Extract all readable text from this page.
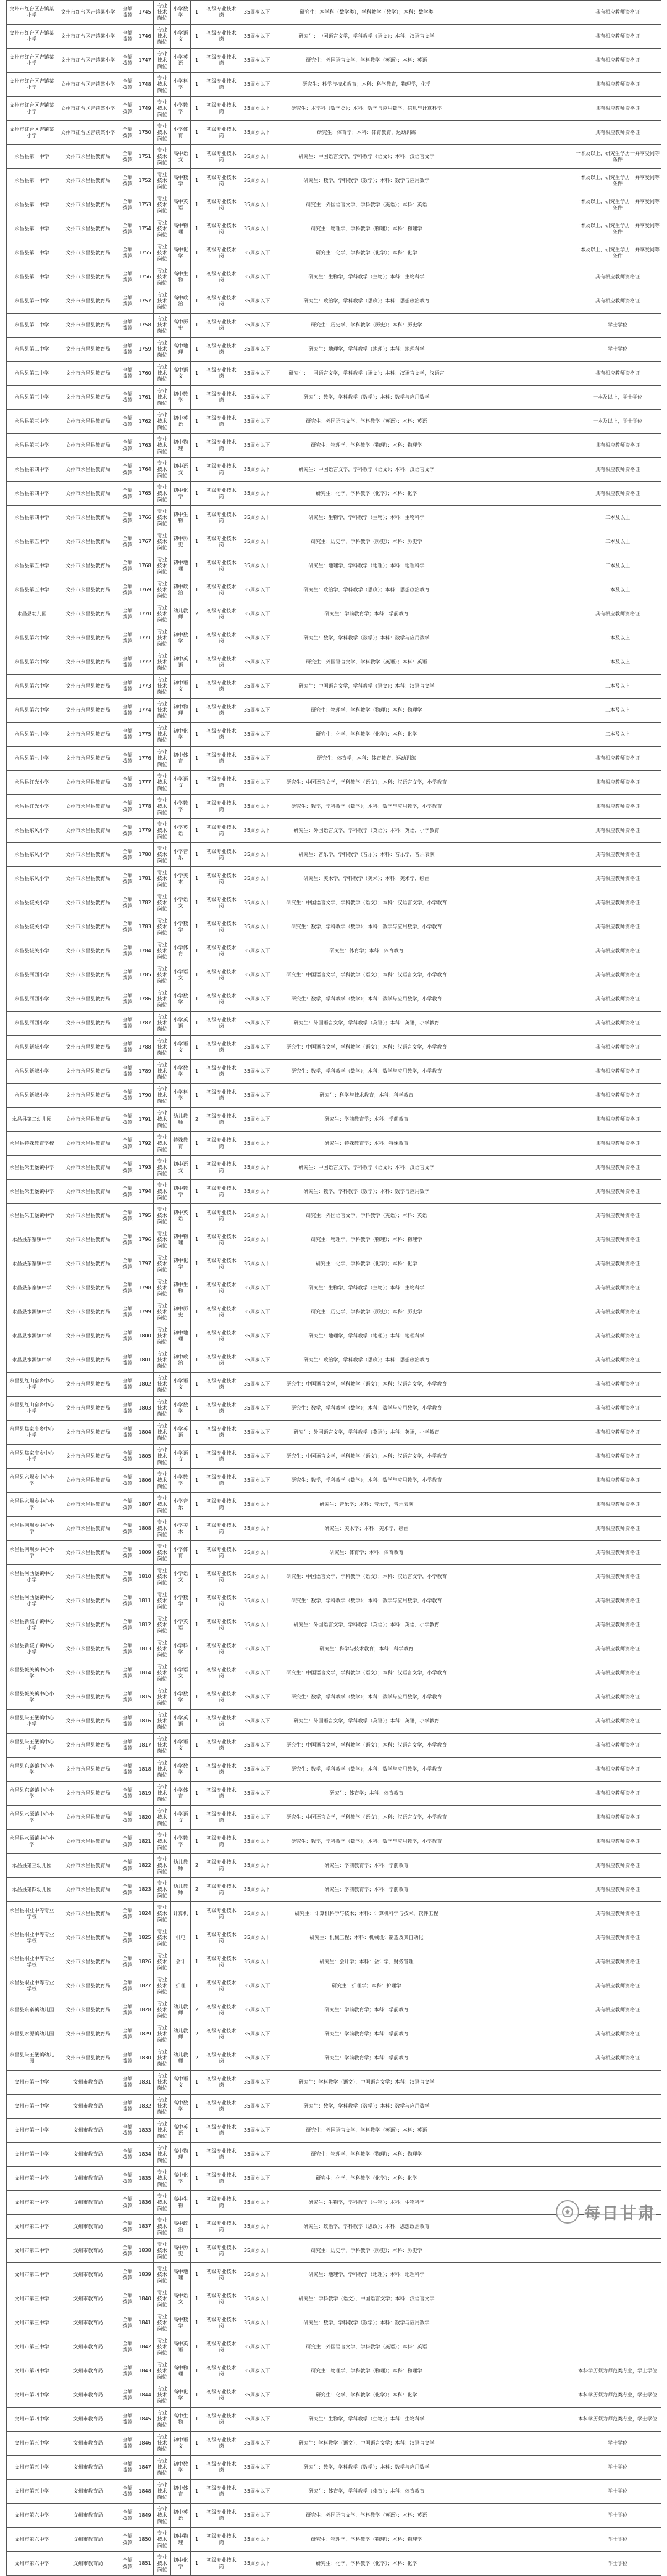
文州市红台区吉镇某小学	文州市红台区吉镇某小学	全额拨款	1745	专业技术岗位	小学数学	1	初级专业技术岗	35周岁以下	研究生：本学科（数学类），学科教学（数学）；本科：数学类		具有相应教师资格证
文州市红台区吉镇某小学	文州市红台区吉镇某小学	全额拨款	1746	专业技术岗位	小学语文	1	初级专业技术岗	35周岁以下	研究生：中国语言文学，学科教学（语文）；本科：汉语言文学		具有相应教师资格证
文州市红台区吉镇某小学	文州市红台区吉镇某小学	全额拨款	1747	专业技术岗位	小学英语	1	初级专业技术岗	35周岁以下	研究生：外国语言文学，学科教学（英语）；本科：英语		具有相应教师资格证
文州市红台区吉镇某小学	文州市红台区吉镇某小学	全额拨款	1748	专业技术岗位	小学科学	1	初级专业技术岗	35周岁以下	研究生：科学与技术教育；本科：科学教育，物理学，化学		具有相应教师资格证
文州市红台区吉镇某小学	文州市红台区吉镇某小学	全额拨款	1749	专业技术岗位	小学数学	1	初级专业技术岗	35周岁以下	研究生：本学科（数学类）；本科：数学与应用数学，信息与计算科学		具有相应教师资格证
文州市红台区吉镇某小学	文州市红台区吉镇某小学	全额拨款	1750	专业技术岗位	小学体育	1	初级专业技术岗	35周岁以下	研究生：体育学；本科：体育教育，运动训练		具有相应教师资格证
永昌县第一中学	文州市永昌县教育局	全额拨款	1751	专业技术岗位	高中语文	1	初级专业技术岗	35周岁以下	研究生：中国语言文学，学科教学（语文）；本科：汉语言文学		一本及以上，研究生学历一并享受同等条件
永昌县第一中学	文州市永昌县教育局	全额拨款	1752	专业技术岗位	高中数学	1	初级专业技术岗	35周岁以下	研究生：数学，学科教学（数学）；本科：数学与应用数学		一本及以上，研究生学历一并享受同等条件
永昌县第一中学	文州市永昌县教育局	全额拨款	1753	专业技术岗位	高中英语	1	初级专业技术岗	35周岁以下	研究生：外国语言文学，学科教学（英语）；本科：英语		一本及以上，研究生学历一并享受同等条件
永昌县第一中学	文州市永昌县教育局	全额拨款	1754	专业技术岗位	高中物理	1	初级专业技术岗	35周岁以下	研究生：物理学，学科教学（物理）；本科：物理学		一本及以上，研究生学历一并享受同等条件
永昌县第一中学	文州市永昌县教育局	全额拨款	1755	专业技术岗位	高中化学	1	初级专业技术岗	35周岁以下	研究生：化学，学科教学（化学）；本科：化学		一本及以上，研究生学历一并享受同等条件
永昌县第一中学	文州市永昌县教育局	全额拨款	1756	专业技术岗位	高中生物	1	初级专业技术岗	35周岁以下	研究生：生物学，学科教学（生物）；本科：生物科学		具有相应教师资格证
永昌县第一中学	文州市永昌县教育局	全额拨款	1757	专业技术岗位	高中政治	1	初级专业技术岗	35周岁以下	研究生：政治学，学科教学（思政）；本科：思想政治教育		具有相应教师资格证
永昌县第二中学	文州市永昌县教育局	全额拨款	1758	专业技术岗位	高中历史	1	初级专业技术岗	35周岁以下	研究生：历史学，学科教学（历史）；本科：历史学		学士学位
永昌县第二中学	文州市永昌县教育局	全额拨款	1759	专业技术岗位	高中地理	1	初级专业技术岗	35周岁以下	研究生：地理学，学科教学（地理）；本科：地理科学		学士学位
永昌县第二中学	文州市永昌县教育局	全额拨款	1760	专业技术岗位	高中语文	1	初级专业技术岗	35周岁以下	研究生：中国语言文学，学科教学（语文）；本科：汉语言文学，汉语言		具有相应教师资格证
永昌县第三中学	文州市永昌县教育局	全额拨款	1761	专业技术岗位	初中数学	1	初级专业技术岗	35周岁以下	研究生：数学，学科教学（数学）；本科：数学与应用数学		一本及以上，学士学位
永昌县第三中学	文州市永昌县教育局	全额拨款	1762	专业技术岗位	初中英语	1	初级专业技术岗	35周岁以下	研究生：外国语言文学，学科教学（英语）；本科：英语		一本及以上，学士学位
永昌县第三中学	文州市永昌县教育局	全额拨款	1763	专业技术岗位	初中物理	1	初级专业技术岗	35周岁以下	研究生：物理学，学科教学（物理）；本科：物理学		具有相应教师资格证
永昌县第四中学	文州市永昌县教育局	全额拨款	1764	专业技术岗位	初中语文	1	初级专业技术岗	35周岁以下	研究生：中国语言文学，学科教学（语文）；本科：汉语言文学		具有相应教师资格证
永昌县第四中学	文州市永昌县教育局	全额拨款	1765	专业技术岗位	初中化学	1	初级专业技术岗	35周岁以下	研究生：化学，学科教学（化学）；本科：化学		具有相应教师资格证
永昌县第四中学	文州市永昌县教育局	全额拨款	1766	专业技术岗位	初中生物	1	初级专业技术岗	35周岁以下	研究生：生物学，学科教学（生物）；本科：生物科学		二本及以上
永昌县第五中学	文州市永昌县教育局	全额拨款	1767	专业技术岗位	初中历史	1	初级专业技术岗	35周岁以下	研究生：历史学，学科教学（历史）；本科：历史学		二本及以上
永昌县第五中学	文州市永昌县教育局	全额拨款	1768	专业技术岗位	初中地理	1	初级专业技术岗	35周岁以下	研究生：地理学，学科教学（地理）；本科：地理科学		二本及以上
永昌县第五中学	文州市永昌县教育局	全额拨款	1769	专业技术岗位	初中政治	1	初级专业技术岗	35周岁以下	研究生：政治学，学科教学（思政）；本科：思想政治教育		二本及以上
永昌县幼儿园	文州市永昌县教育局	全额拨款	1770	专业技术岗位	幼儿教师	2	初级专业技术岗	35周岁以下	研究生：学前教育学；本科：学前教育		具有相应教师资格证
永昌县第六中学	文州市永昌县教育局	全额拨款	1771	专业技术岗位	初中数学	1	初级专业技术岗	35周岁以下	研究生：数学，学科教学（数学）；本科：数学与应用数学		二本及以上
永昌县第六中学	文州市永昌县教育局	全额拨款	1772	专业技术岗位	初中英语	1	初级专业技术岗	35周岁以下	研究生：外国语言文学，学科教学（英语）；本科：英语		二本及以上
永昌县第六中学	文州市永昌县教育局	全额拨款	1773	专业技术岗位	初中语文	1	初级专业技术岗	35周岁以下	研究生：中国语言文学，学科教学（语文）；本科：汉语言文学		二本及以上
永昌县第六中学	文州市永昌县教育局	全额拨款	1774	专业技术岗位	初中物理	1	初级专业技术岗	35周岁以下	研究生：物理学，学科教学（物理）；本科：物理学		二本及以上
永昌县第七中学	文州市永昌县教育局	全额拨款	1775	专业技术岗位	初中化学	1	初级专业技术岗	35周岁以下	研究生：化学，学科教学（化学）；本科：化学		二本及以上
永昌县第七中学	文州市永昌县教育局	全额拨款	1776	专业技术岗位	初中体育	1	初级专业技术岗	35周岁以下	研究生：体育学；本科：体育教育，运动训练		具有相应教师资格证
永昌县红光小学	文州市永昌县教育局	全额拨款	1777	专业技术岗位	小学语文	1	初级专业技术岗	35周岁以下	研究生：中国语言文学，学科教学（语文）；本科：汉语言文学，小学教育		具有相应教师资格证
永昌县红光小学	文州市永昌县教育局	全额拨款	1778	专业技术岗位	小学数学	1	初级专业技术岗	35周岁以下	研究生：数学，学科教学（数学）；本科：数学与应用数学，小学教育		具有相应教师资格证
永昌县东风小学	文州市永昌县教育局	全额拨款	1779	专业技术岗位	小学英语	1	初级专业技术岗	35周岁以下	研究生：外国语言文学，学科教学（英语）；本科：英语，小学教育		具有相应教师资格证
永昌县东风小学	文州市永昌县教育局	全额拨款	1780	专业技术岗位	小学音乐	1	初级专业技术岗	35周岁以下	研究生：音乐学，学科教学（音乐）；本科：音乐学，音乐表演		具有相应教师资格证
永昌县东风小学	文州市永昌县教育局	全额拨款	1781	专业技术岗位	小学美术	1	初级专业技术岗	35周岁以下	研究生：美术学，学科教学（美术）；本科：美术学，绘画		具有相应教师资格证
永昌县城关小学	文州市永昌县教育局	全额拨款	1782	专业技术岗位	小学语文	1	初级专业技术岗	35周岁以下	研究生：中国语言文学，学科教学（语文）；本科：汉语言文学，小学教育		具有相应教师资格证
永昌县城关小学	文州市永昌县教育局	全额拨款	1783	专业技术岗位	小学数学	1	初级专业技术岗	35周岁以下	研究生：数学，学科教学（数学）；本科：数学与应用数学，小学教育		具有相应教师资格证
永昌县城关小学	文州市永昌县教育局	全额拨款	1784	专业技术岗位	小学体育	1	初级专业技术岗	35周岁以下	研究生：体育学；本科：体育教育		具有相应教师资格证
永昌县河西小学	文州市永昌县教育局	全额拨款	1785	专业技术岗位	小学语文	1	初级专业技术岗	35周岁以下	研究生：中国语言文学，学科教学（语文）；本科：汉语言文学，小学教育		具有相应教师资格证
永昌县河西小学	文州市永昌县教育局	全额拨款	1786	专业技术岗位	小学数学	1	初级专业技术岗	35周岁以下	研究生：数学，学科教学（数学）；本科：数学与应用数学，小学教育		具有相应教师资格证
永昌县河西小学	文州市永昌县教育局	全额拨款	1787	专业技术岗位	小学英语	1	初级专业技术岗	35周岁以下	研究生：外国语言文学，学科教学（英语）；本科：英语，小学教育		具有相应教师资格证
永昌县新城小学	文州市永昌县教育局	全额拨款	1788	专业技术岗位	小学语文	1	初级专业技术岗	35周岁以下	研究生：中国语言文学，学科教学（语文）；本科：汉语言文学，小学教育		具有相应教师资格证
永昌县新城小学	文州市永昌县教育局	全额拨款	1789	专业技术岗位	小学数学	1	初级专业技术岗	35周岁以下	研究生：数学，学科教学（数学）；本科：数学与应用数学，小学教育		具有相应教师资格证
永昌县新城小学	文州市永昌县教育局	全额拨款	1790	专业技术岗位	小学科学	1	初级专业技术岗	35周岁以下	研究生：科学与技术教育；本科：科学教育		具有相应教师资格证
永昌县第二幼儿园	文州市永昌县教育局	全额拨款	1791	专业技术岗位	幼儿教师	2	初级专业技术岗	35周岁以下	研究生：学前教育学；本科：学前教育		具有相应教师资格证
永昌县特殊教育学校	文州市永昌县教育局	全额拨款	1792	专业技术岗位	特殊教育	1	初级专业技术岗	35周岁以下	研究生：特殊教育学；本科：特殊教育		具有相应教师资格证
永昌县朱王堡镇中学	文州市永昌县教育局	全额拨款	1793	专业技术岗位	初中语文	1	初级专业技术岗	35周岁以下	研究生：中国语言文学，学科教学（语文）；本科：汉语言文学		具有相应教师资格证
永昌县朱王堡镇中学	文州市永昌县教育局	全额拨款	1794	专业技术岗位	初中数学	1	初级专业技术岗	35周岁以下	研究生：数学，学科教学（数学）；本科：数学与应用数学		具有相应教师资格证
永昌县朱王堡镇中学	文州市永昌县教育局	全额拨款	1795	专业技术岗位	初中英语	1	初级专业技术岗	35周岁以下	研究生：外国语言文学，学科教学（英语）；本科：英语		具有相应教师资格证
永昌县东寨镇中学	文州市永昌县教育局	全额拨款	1796	专业技术岗位	初中物理	1	初级专业技术岗	35周岁以下	研究生：物理学，学科教学（物理）；本科：物理学		具有相应教师资格证
永昌县东寨镇中学	文州市永昌县教育局	全额拨款	1797	专业技术岗位	初中化学	1	初级专业技术岗	35周岁以下	研究生：化学，学科教学（化学）；本科：化学		具有相应教师资格证
永昌县东寨镇中学	文州市永昌县教育局	全额拨款	1798	专业技术岗位	初中生物	1	初级专业技术岗	35周岁以下	研究生：生物学，学科教学（生物）；本科：生物科学		具有相应教师资格证
永昌县水源镇中学	文州市永昌县教育局	全额拨款	1799	专业技术岗位	初中历史	1	初级专业技术岗	35周岁以下	研究生：历史学，学科教学（历史）；本科：历史学		具有相应教师资格证
永昌县水源镇中学	文州市永昌县教育局	全额拨款	1800	专业技术岗位	初中地理	1	初级专业技术岗	35周岁以下	研究生：地理学，学科教学（地理）；本科：地理科学		具有相应教师资格证
永昌县水源镇中学	文州市永昌县教育局	全额拨款	1801	专业技术岗位	初中政治	1	初级专业技术岗	35周岁以下	研究生：政治学，学科教学（思政）；本科：思想政治教育		具有相应教师资格证
永昌县红山窑乡中心小学	文州市永昌县教育局	全额拨款	1802	专业技术岗位	小学语文	1	初级专业技术岗	35周岁以下	研究生：中国语言文学，学科教学（语文）；本科：汉语言文学，小学教育		具有相应教师资格证
永昌县红山窑乡中心小学	文州市永昌县教育局	全额拨款	1803	专业技术岗位	小学数学	1	初级专业技术岗	35周岁以下	研究生：数学，学科教学（数学）；本科：数学与应用数学，小学教育		具有相应教师资格证
永昌县焦家庄乡中心小学	文州市永昌县教育局	全额拨款	1804	专业技术岗位	小学英语	1	初级专业技术岗	35周岁以下	研究生：外国语言文学，学科教学（英语）；本科：英语，小学教育		具有相应教师资格证
永昌县焦家庄乡中心小学	文州市永昌县教育局	全额拨款	1805	专业技术岗位	小学语文	1	初级专业技术岗	35周岁以下	研究生：中国语言文学，学科教学（语文）；本科：汉语言文学，小学教育		具有相应教师资格证
永昌县六坝乡中心小学	文州市永昌县教育局	全额拨款	1806	专业技术岗位	小学数学	1	初级专业技术岗	35周岁以下	研究生：数学，学科教学（数学）；本科：数学与应用数学，小学教育		具有相应教师资格证
永昌县六坝乡中心小学	文州市永昌县教育局	全额拨款	1807	专业技术岗位	小学音乐	1	初级专业技术岗	35周岁以下	研究生：音乐学；本科：音乐学，音乐表演		具有相应教师资格证
永昌县南坝乡中心小学	文州市永昌县教育局	全额拨款	1808	专业技术岗位	小学美术	1	初级专业技术岗	35周岁以下	研究生：美术学；本科：美术学，绘画		具有相应教师资格证
永昌县南坝乡中心小学	文州市永昌县教育局	全额拨款	1809	专业技术岗位	小学体育	1	初级专业技术岗	35周岁以下	研究生：体育学；本科：体育教育		具有相应教师资格证
永昌县河西堡镇中心小学	文州市永昌县教育局	全额拨款	1810	专业技术岗位	小学语文	1	初级专业技术岗	35周岁以下	研究生：中国语言文学，学科教学（语文）；本科：汉语言文学，小学教育		具有相应教师资格证
永昌县河西堡镇中心小学	文州市永昌县教育局	全额拨款	1811	专业技术岗位	小学数学	1	初级专业技术岗	35周岁以下	研究生：数学，学科教学（数学）；本科：数学与应用数学，小学教育		具有相应教师资格证
永昌县新城子镇中心小学	文州市永昌县教育局	全额拨款	1812	专业技术岗位	小学英语	1	初级专业技术岗	35周岁以下	研究生：外国语言文学，学科教学（英语）；本科：英语，小学教育		具有相应教师资格证
永昌县新城子镇中心小学	文州市永昌县教育局	全额拨款	1813	专业技术岗位	小学科学	1	初级专业技术岗	35周岁以下	研究生：科学与技术教育；本科：科学教育		具有相应教师资格证
永昌县城关镇中心小学	文州市永昌县教育局	全额拨款	1814	专业技术岗位	小学语文	1	初级专业技术岗	35周岁以下	研究生：中国语言文学，学科教学（语文）；本科：汉语言文学，小学教育		具有相应教师资格证
永昌县城关镇中心小学	文州市永昌县教育局	全额拨款	1815	专业技术岗位	小学数学	1	初级专业技术岗	35周岁以下	研究生：数学，学科教学（数学）；本科：数学与应用数学，小学教育		具有相应教师资格证
永昌县朱王堡镇中心小学	文州市永昌县教育局	全额拨款	1816	专业技术岗位	小学英语	1	初级专业技术岗	35周岁以下	研究生：外国语言文学，学科教学（英语）；本科：英语，小学教育		具有相应教师资格证
永昌县朱王堡镇中心小学	文州市永昌县教育局	全额拨款	1817	专业技术岗位	小学语文	1	初级专业技术岗	35周岁以下	研究生：中国语言文学，学科教学（语文）；本科：汉语言文学，小学教育		具有相应教师资格证
永昌县东寨镇中心小学	文州市永昌县教育局	全额拨款	1818	专业技术岗位	小学数学	1	初级专业技术岗	35周岁以下	研究生：数学，学科教学（数学）；本科：数学与应用数学，小学教育		具有相应教师资格证
永昌县东寨镇中心小学	文州市永昌县教育局	全额拨款	1819	专业技术岗位	小学体育	1	初级专业技术岗	35周岁以下	研究生：体育学；本科：体育教育		具有相应教师资格证
永昌县水源镇中心小学	文州市永昌县教育局	全额拨款	1820	专业技术岗位	小学语文	1	初级专业技术岗	35周岁以下	研究生：中国语言文学，学科教学（语文）；本科：汉语言文学，小学教育		具有相应教师资格证
永昌县水源镇中心小学	文州市永昌县教育局	全额拨款	1821	专业技术岗位	小学数学	1	初级专业技术岗	35周岁以下	研究生：数学，学科教学（数学）；本科：数学与应用数学，小学教育		具有相应教师资格证
永昌县第三幼儿园	文州市永昌县教育局	全额拨款	1822	专业技术岗位	幼儿教师	2	初级专业技术岗	35周岁以下	研究生：学前教育学；本科：学前教育		具有相应教师资格证
永昌县第四幼儿园	文州市永昌县教育局	全额拨款	1823	专业技术岗位	幼儿教师	2	初级专业技术岗	35周岁以下	研究生：学前教育学；本科：学前教育		具有相应教师资格证
永昌县职业中等专业学校	文州市永昌县教育局	全额拨款	1824	专业技术岗位	计算机	1	初级专业技术岗	35周岁以下	研究生：计算机科学与技术；本科：计算机科学与技术，软件工程		具有相应教师资格证
永昌县职业中等专业学校	文州市永昌县教育局	全额拨款	1825	专业技术岗位	机电	1	初级专业技术岗	35周岁以下	研究生：机械工程；本科：机械设计制造及其自动化		具有相应教师资格证
永昌县职业中等专业学校	文州市永昌县教育局	全额拨款	1826	专业技术岗位	会计	1	初级专业技术岗	35周岁以下	研究生：会计学；本科：会计学，财务管理		具有相应教师资格证
永昌县职业中等专业学校	文州市永昌县教育局	全额拨款	1827	专业技术岗位	护理	1	初级专业技术岗	35周岁以下	研究生：护理学；本科：护理学		具有相应教师资格证
永昌县东寨镇幼儿园	文州市永昌县教育局	全额拨款	1828	专业技术岗位	幼儿教师	2	初级专业技术岗	35周岁以下	研究生：学前教育学；本科：学前教育		具有相应教师资格证
永昌县水源镇幼儿园	文州市永昌县教育局	全额拨款	1829	专业技术岗位	幼儿教师	2	初级专业技术岗	35周岁以下	研究生：学前教育学；本科：学前教育		具有相应教师资格证
永昌县朱王堡镇幼儿园	文州市永昌县教育局	全额拨款	1830	专业技术岗位	幼儿教师	2	初级专业技术岗	35周岁以下	研究生：学前教育学；本科：学前教育		具有相应教师资格证
文州市第一中学	文州市教育局	全额拨款	1831	专业技术岗位	高中语文	1	初级专业技术岗	35周岁以下	研究生：学科教学（语文），中国语言文学；本科：汉语言文学		
文州市第一中学	文州市教育局	全额拨款	1832	专业技术岗位	高中数学	1	初级专业技术岗	35周岁以下	研究生：数学，学科教学（数学）；本科：数学与应用数学		
文州市第一中学	文州市教育局	全额拨款	1833	专业技术岗位	高中英语	1	初级专业技术岗	35周岁以下	研究生：外国语言文学，学科教学（英语）；本科：英语		
文州市第一中学	文州市教育局	全额拨款	1834	专业技术岗位	高中物理	1	初级专业技术岗	35周岁以下	研究生：物理学，学科教学（物理）；本科：物理学		
文州市第一中学	文州市教育局	全额拨款	1835	专业技术岗位	高中化学	1	初级专业技术岗	35周岁以下	研究生：化学，学科教学（化学）；本科：化学		
文州市第一中学	文州市教育局	全额拨款	1836	专业技术岗位	高中生物	1	初级专业技术岗	35周岁以下	研究生：生物学，学科教学（生物）；本科：生物科学		
文州市第二中学	文州市教育局	全额拨款	1837	专业技术岗位	高中政治	1	初级专业技术岗	35周岁以下	研究生：政治学，学科教学（思政）；本科：思想政治教育		
文州市第二中学	文州市教育局	全额拨款	1838	专业技术岗位	高中历史	1	初级专业技术岗	35周岁以下	研究生：历史学，学科教学（历史）；本科：历史学		
文州市第二中学	文州市教育局	全额拨款	1839	专业技术岗位	高中地理	1	初级专业技术岗	35周岁以下	研究生：地理学，学科教学（地理）；本科：地理科学		
文州市第三中学	文州市教育局	全额拨款	1840	专业技术岗位	高中语文	1	初级专业技术岗	35周岁以下	研究生：学科教学（语文），中国语言文学；本科：汉语言文学		
文州市第三中学	文州市教育局	全额拨款	1841	专业技术岗位	高中数学	1	初级专业技术岗	35周岁以下	研究生：数学，学科教学（数学）；本科：数学与应用数学		
文州市第三中学	文州市教育局	全额拨款	1842	专业技术岗位	高中英语	1	初级专业技术岗	35周岁以下	研究生：外国语言文学，学科教学（英语）；本科：英语		
文州市第四中学	文州市教育局	全额拨款	1843	专业技术岗位	高中物理	1	初级专业技术岗	35周岁以下	研究生：物理学，学科教学（物理）；本科：物理学		本科学历须为师范类专业，学士学位
文州市第四中学	文州市教育局	全额拨款	1844	专业技术岗位	高中化学	1	初级专业技术岗	35周岁以下	研究生：化学，学科教学（化学）；本科：化学		本科学历须为师范类专业，学士学位
文州市第四中学	文州市教育局	全额拨款	1845	专业技术岗位	高中生物	1	初级专业技术岗	35周岁以下	研究生：生物学，学科教学（生物）；本科：生物科学		本科学历须为师范类专业，学士学位
文州市第五中学	文州市教育局	全额拨款	1846	专业技术岗位	初中语文	1	初级专业技术岗	35周岁以下	研究生：学科教学（语文），中国语言文学；本科：汉语言文学		学士学位
文州市第五中学	文州市教育局	全额拨款	1847	专业技术岗位	初中数学	1	初级专业技术岗	35周岁以下	研究生：数学，学科教学（数学）；本科：数学与应用数学		学士学位
文州市第五中学	文州市教育局	全额拨款	1848	专业技术岗位	初中体育	1	初级专业技术岗	35周岁以下	研究生：体育学，学科教学（体育）；本科：体育教育		学士学位
文州市第六中学	文州市教育局	全额拨款	1849	专业技术岗位	初中英语	1	初级专业技术岗	35周岁以下	研究生：外国语言文学，学科教学（英语）；本科：英语		学士学位
文州市第六中学	文州市教育局	全额拨款	1850	专业技术岗位	初中物理	1	初级专业技术岗	35周岁以下	研究生：物理学，学科教学（物理）；本科：物理学		学士学位
文州市第六中学	文州市教育局	全额拨款	1851	专业技术岗位	初中化学	1	初级专业技术岗	35周岁以下	研究生：化学，学科教学（化学）；本科：化学		学士学位
每日甘肃
